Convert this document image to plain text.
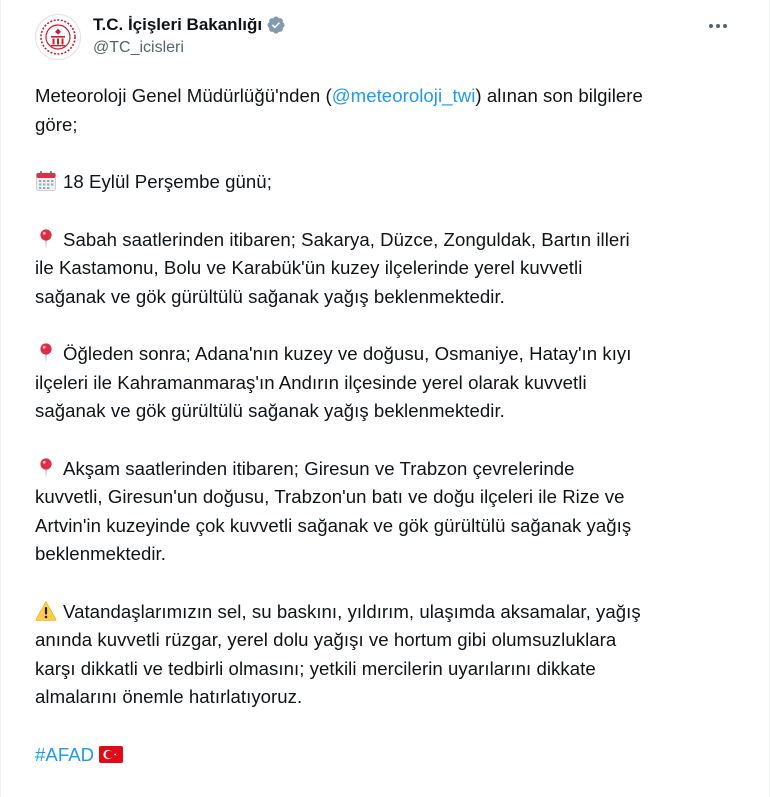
T.C. İçişleri Bakanlığı
@TC_icisleri

Meteoroloji Genel Müdürlüğü'nden (@meteoroloji_twi) alınan son bilgilere
göre;

18 Eylül Perşembe günü;

Sabah saatlerinden itibaren; Sakarya, Düzce, Zonguldak, Bartın illeri
ile Kastamonu, Bolu ve Karabük'ün kuzey ilçelerinde yerel kuvvetli
sağanak ve gök gürültülü sağanak yağış beklenmektedir.

Öğleden sonra; Adana'nın kuzey ve doğusu, Osmaniye, Hatay'ın kıyı
ilçeleri ile Kahramanmaraş'ın Andırın ilçesinde yerel olarak kuvvetli
sağanak ve gök gürültülü sağanak yağış beklenmektedir.

Akşam saatlerinden itibaren; Giresun ve Trabzon çevrelerinde
kuvvetli, Giresun'un doğusu, Trabzon'un batı ve doğu ilçeleri ile Rize ve
Artvin'in kuzeyinde çok kuvvetli sağanak ve gök gürültülü sağanak yağış
beklenmektedir.

Vatandaşlarımızın sel, su baskını, yıldırım, ulaşımda aksamalar, yağış
anında kuvvetli rüzgar, yerel dolu yağışı ve hortum gibi olumsuzluklara
karşı dikkatli ve tedbirli olmasını; yetkili mercilerin uyarılarını dikkate
almalarını önemle hatırlatıyoruz.

#AFAD
